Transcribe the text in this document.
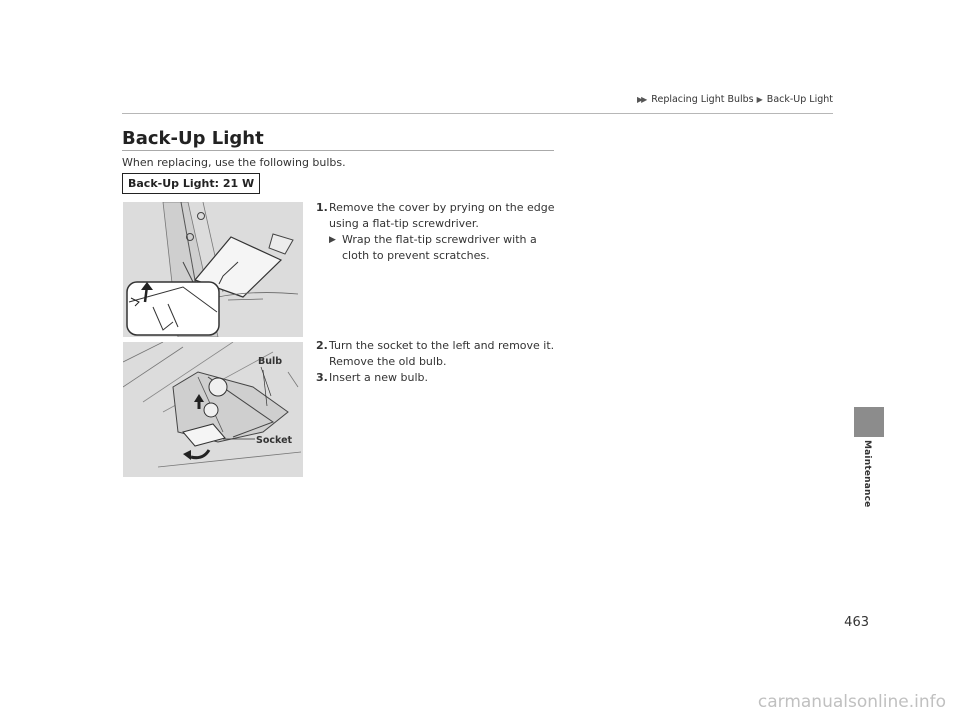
▶▶ Replacing Light Bulbs ▶ Back-Up Light
Maintenance
Back-Up Light
When replacing, use the following bulbs.
Back-Up Light: 21 W
Bulb
Socket
1. Remove the cover by prying on the edge using a flat-tip screwdriver.
▶ Wrap the flat-tip screwdriver with a cloth to prevent scratches.
2. Turn the socket to the left and remove it. Remove the old bulb.
3. Insert a new bulb.
463
carmanualsonline.info
